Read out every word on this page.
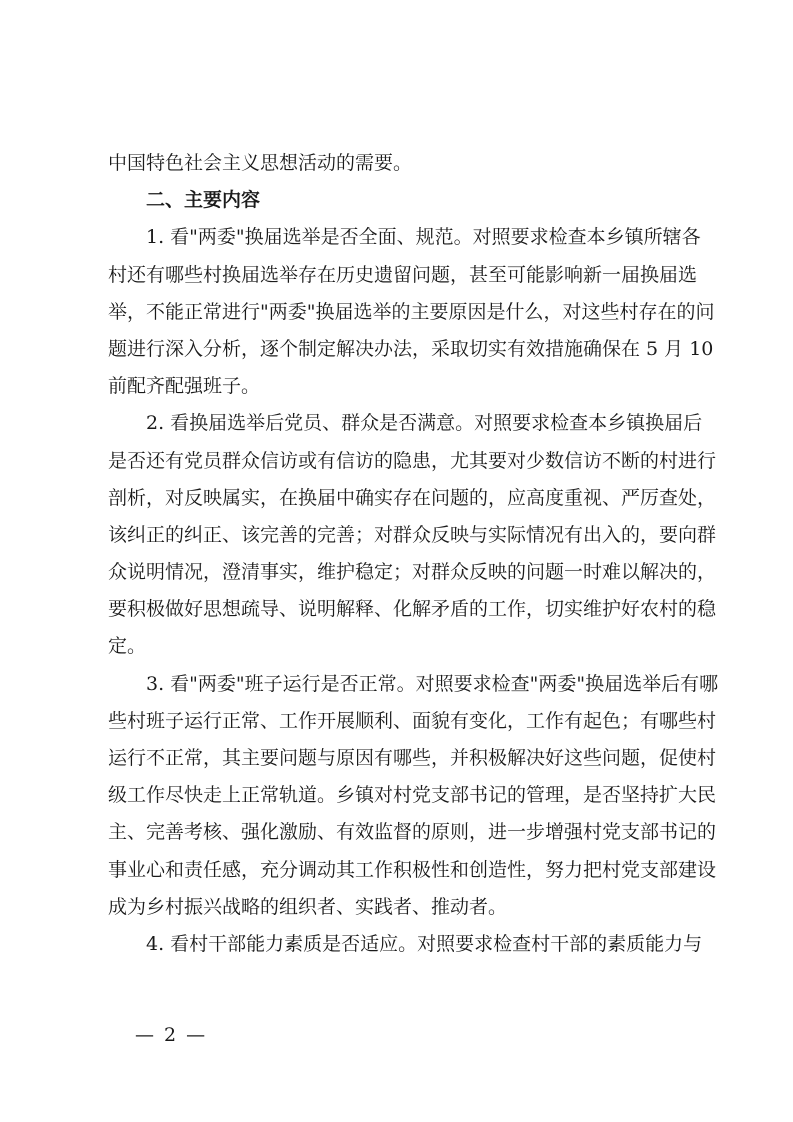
中国特色社会主义思想活动的需要。
二、主要内容
1. 看"两委"换届选举是否全面、规范。对照要求检查本乡镇所辖各
村还有哪些村换届选举存在历史遗留问题，甚至可能影响新一届换届选
举，不能正常进行"两委"换届选举的主要原因是什么，对这些村存在的问
题进行深入分析，逐个制定解决办法，采取切实有效措施确保在 5 月 10
前配齐配强班子。
2. 看换届选举后党员、群众是否满意。对照要求检查本乡镇换届后
是否还有党员群众信访或有信访的隐患，尤其要对少数信访不断的村进行
剖析，对反映属实，在换届中确实存在问题的，应高度重视、严厉查处，
该纠正的纠正、该完善的完善；对群众反映与实际情况有出入的，要向群
众说明情况，澄清事实，维护稳定；对群众反映的问题一时难以解决的，
要积极做好思想疏导、说明解释、化解矛盾的工作，切实维护好农村的稳
定。
3. 看"两委"班子运行是否正常。对照要求检查"两委"换届选举后有哪
些村班子运行正常、工作开展顺利、面貌有变化，工作有起色；有哪些村
运行不正常，其主要问题与原因有哪些，并积极解决好这些问题，促使村
级工作尽快走上正常轨道。乡镇对村党支部书记的管理，是否坚持扩大民
主、完善考核、强化激励、有效监督的原则，进一步增强村党支部书记的
事业心和责任感，充分调动其工作积极性和创造性，努力把村党支部建设
成为乡村振兴战略的组织者、实践者、推动者。
4. 看村干部能力素质是否适应。对照要求检查村干部的素质能力与
— 2 —
